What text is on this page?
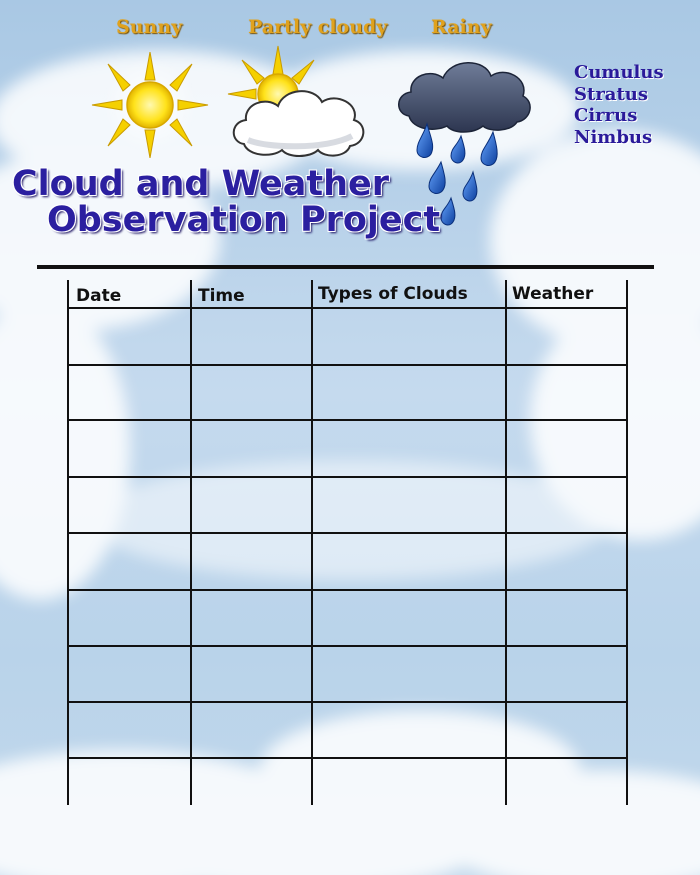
Sunny	Partly cloudy Rainy
Cumulus
Stratus
Cirrus
Nimbus
Cloud and Weather
Observation Project
Date	Time	Types of Clouds	Weather
